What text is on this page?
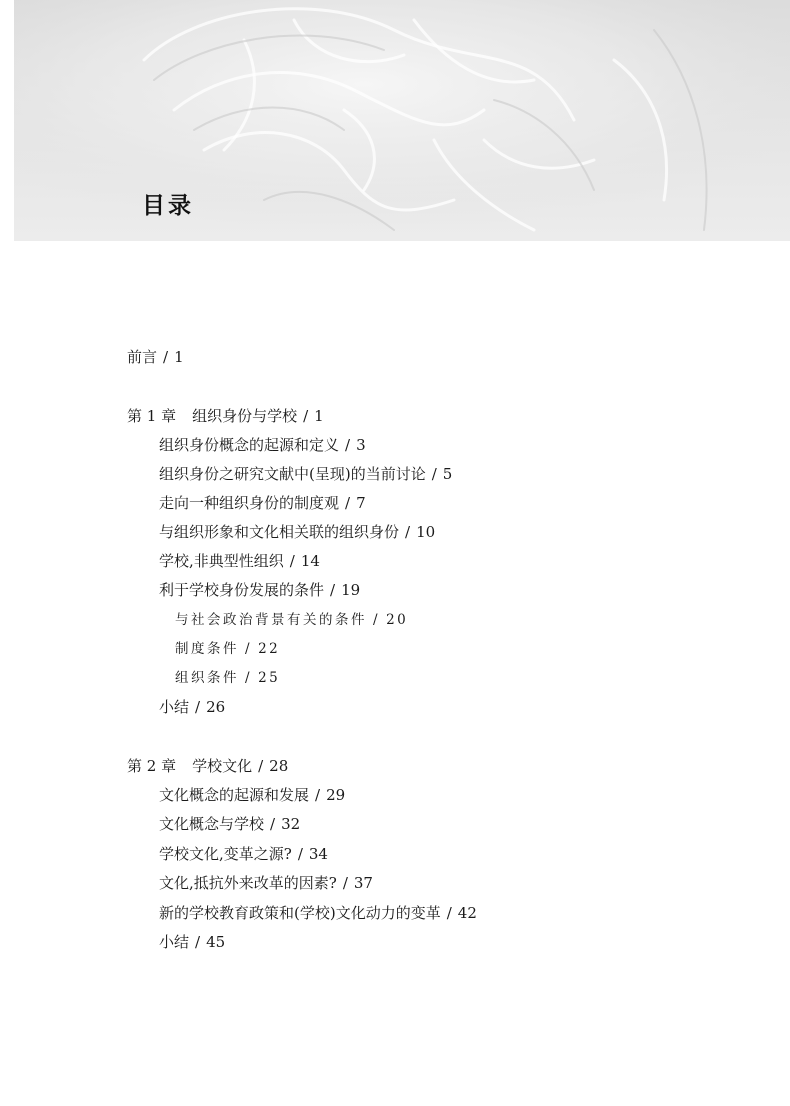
目录
前言 / 1
第 1 章 组织身份与学校 / 1
组织身份概念的起源和定义 / 3
组织身份之研究文献中(呈现)的当前讨论 / 5
走向一种组织身份的制度观 / 7
与组织形象和文化相关联的组织身份 / 10
学校,非典型性组织 / 14
利于学校身份发展的条件 / 19
与社会政治背景有关的条件 / 20
制度条件 / 22
组织条件 / 25
小结 / 26
第 2 章 学校文化 / 28
文化概念的起源和发展 / 29
文化概念与学校 / 32
学校文化,变革之源? / 34
文化,抵抗外来改革的因素? / 37
新的学校教育政策和(学校)文化动力的变革 / 42
小结 / 45
